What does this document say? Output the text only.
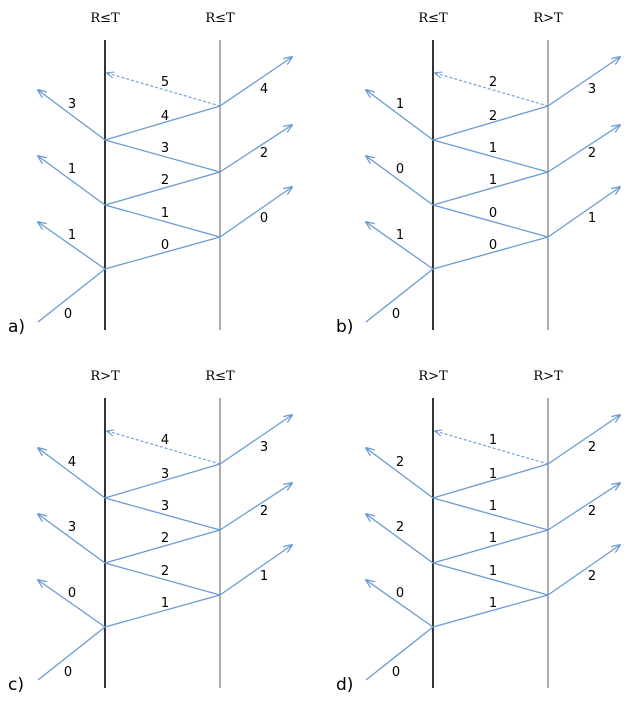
R≤T	R≤T
0
1
1
3
0
2
4
0
1
2
3
4
5
a)
R≤T	R>T
0
1
0
1
1
2
3
0
0
1
1
2
2
b)
R>T	R≤T
0
0
3
4
1
2
3
1
2
2
3
3
4
c)
R>T	R>T
0
0
2
2
2
2
2
1
1
1
1
1
1
d)
